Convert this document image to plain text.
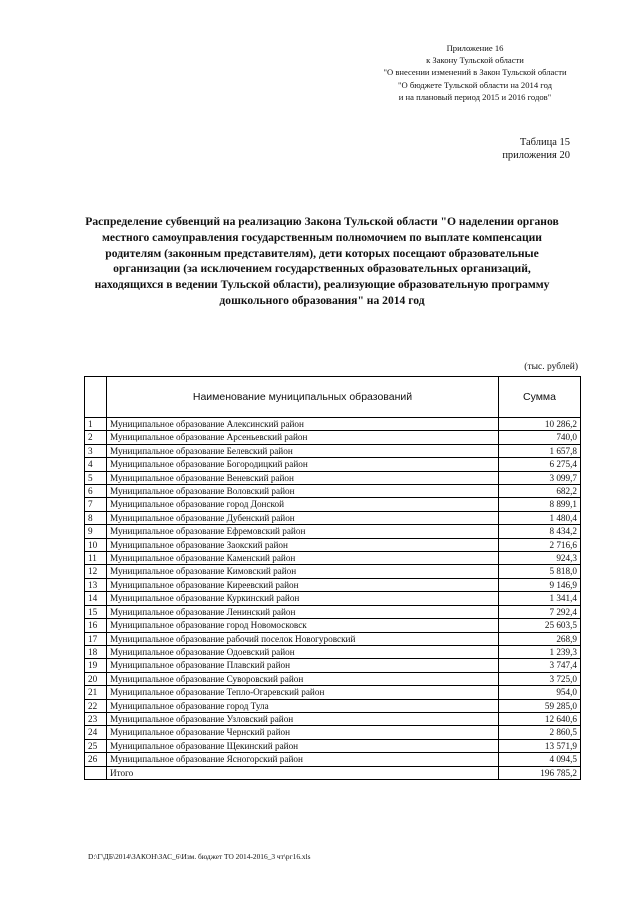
Приложение 16
к Закону Тульской области
"О внесении изменений в Закон Тульской области
"О бюджете Тульской области на 2014 год
и на плановый период 2015 и 2016 годов"
Таблица 15
приложения 20
Распределение субвенций на реализацию Закона Тульской области "О наделении органов местного самоуправления государственным полномочием по выплате компенсации родителям (законным представителям), дети которых посещают образовательные организации (за исключением государственных образовательных организаций, находящихся в ведении Тульской области), реализующие образовательную программу дошкольного образования" на 2014 год
(тыс. рублей)
	Наименование муниципальных образований	Сумма
1	Муниципальное образование Алексинский район	10 286,2
2	Муниципальное образование Арсеньевский район	740,0
3	Муниципальное образование Белевский район	1 657,8
4	Муниципальное образование Богородицкий район	6 275,4
5	Муниципальное образование Веневский район	3 099,7
6	Муниципальное образование Воловский район	682,2
7	Муниципальное образование город Донской	8 899,1
8	Муниципальное образование Дубенский район	1 480,4
9	Муниципальное образование Ефремовский район	8 434,2
10	Муниципальное образование Заокский район	2 716,6
11	Муниципальное образование Каменский район	924,3
12	Муниципальное образование Кимовский район	5 818,0
13	Муниципальное образование Киреевский район	9 146,9
14	Муниципальное образование Куркинский район	1 341,4
15	Муниципальное образование Ленинский район	7 292,4
16	Муниципальное образование город Новомосковск	25 603,5
17	Муниципальное образование рабочий поселок Новогуровский	268,9
18	Муниципальное образование Одоевский район	1 239,3
19	Муниципальное образование Плавский район	3 747,4
20	Муниципальное образование Суворовский район	3 725,0
21	Муниципальное образование Тепло-Огаревский район	954,0
22	Муниципальное образование город Тула	59 285,0
23	Муниципальное образование Узловский район	12 640,6
24	Муниципальное образование Чернский район	2 860,5
25	Муниципальное образование Щекинский район	13 571,9
26	Муниципальное образование Ясногорский район	4 094,5
	Итого	196 785,2
D:\Г\ДБ\2014\ЗАКОН\ЗАС_6\Изм. бюджет ТО 2014-2016_3 чт\рг16.xls
